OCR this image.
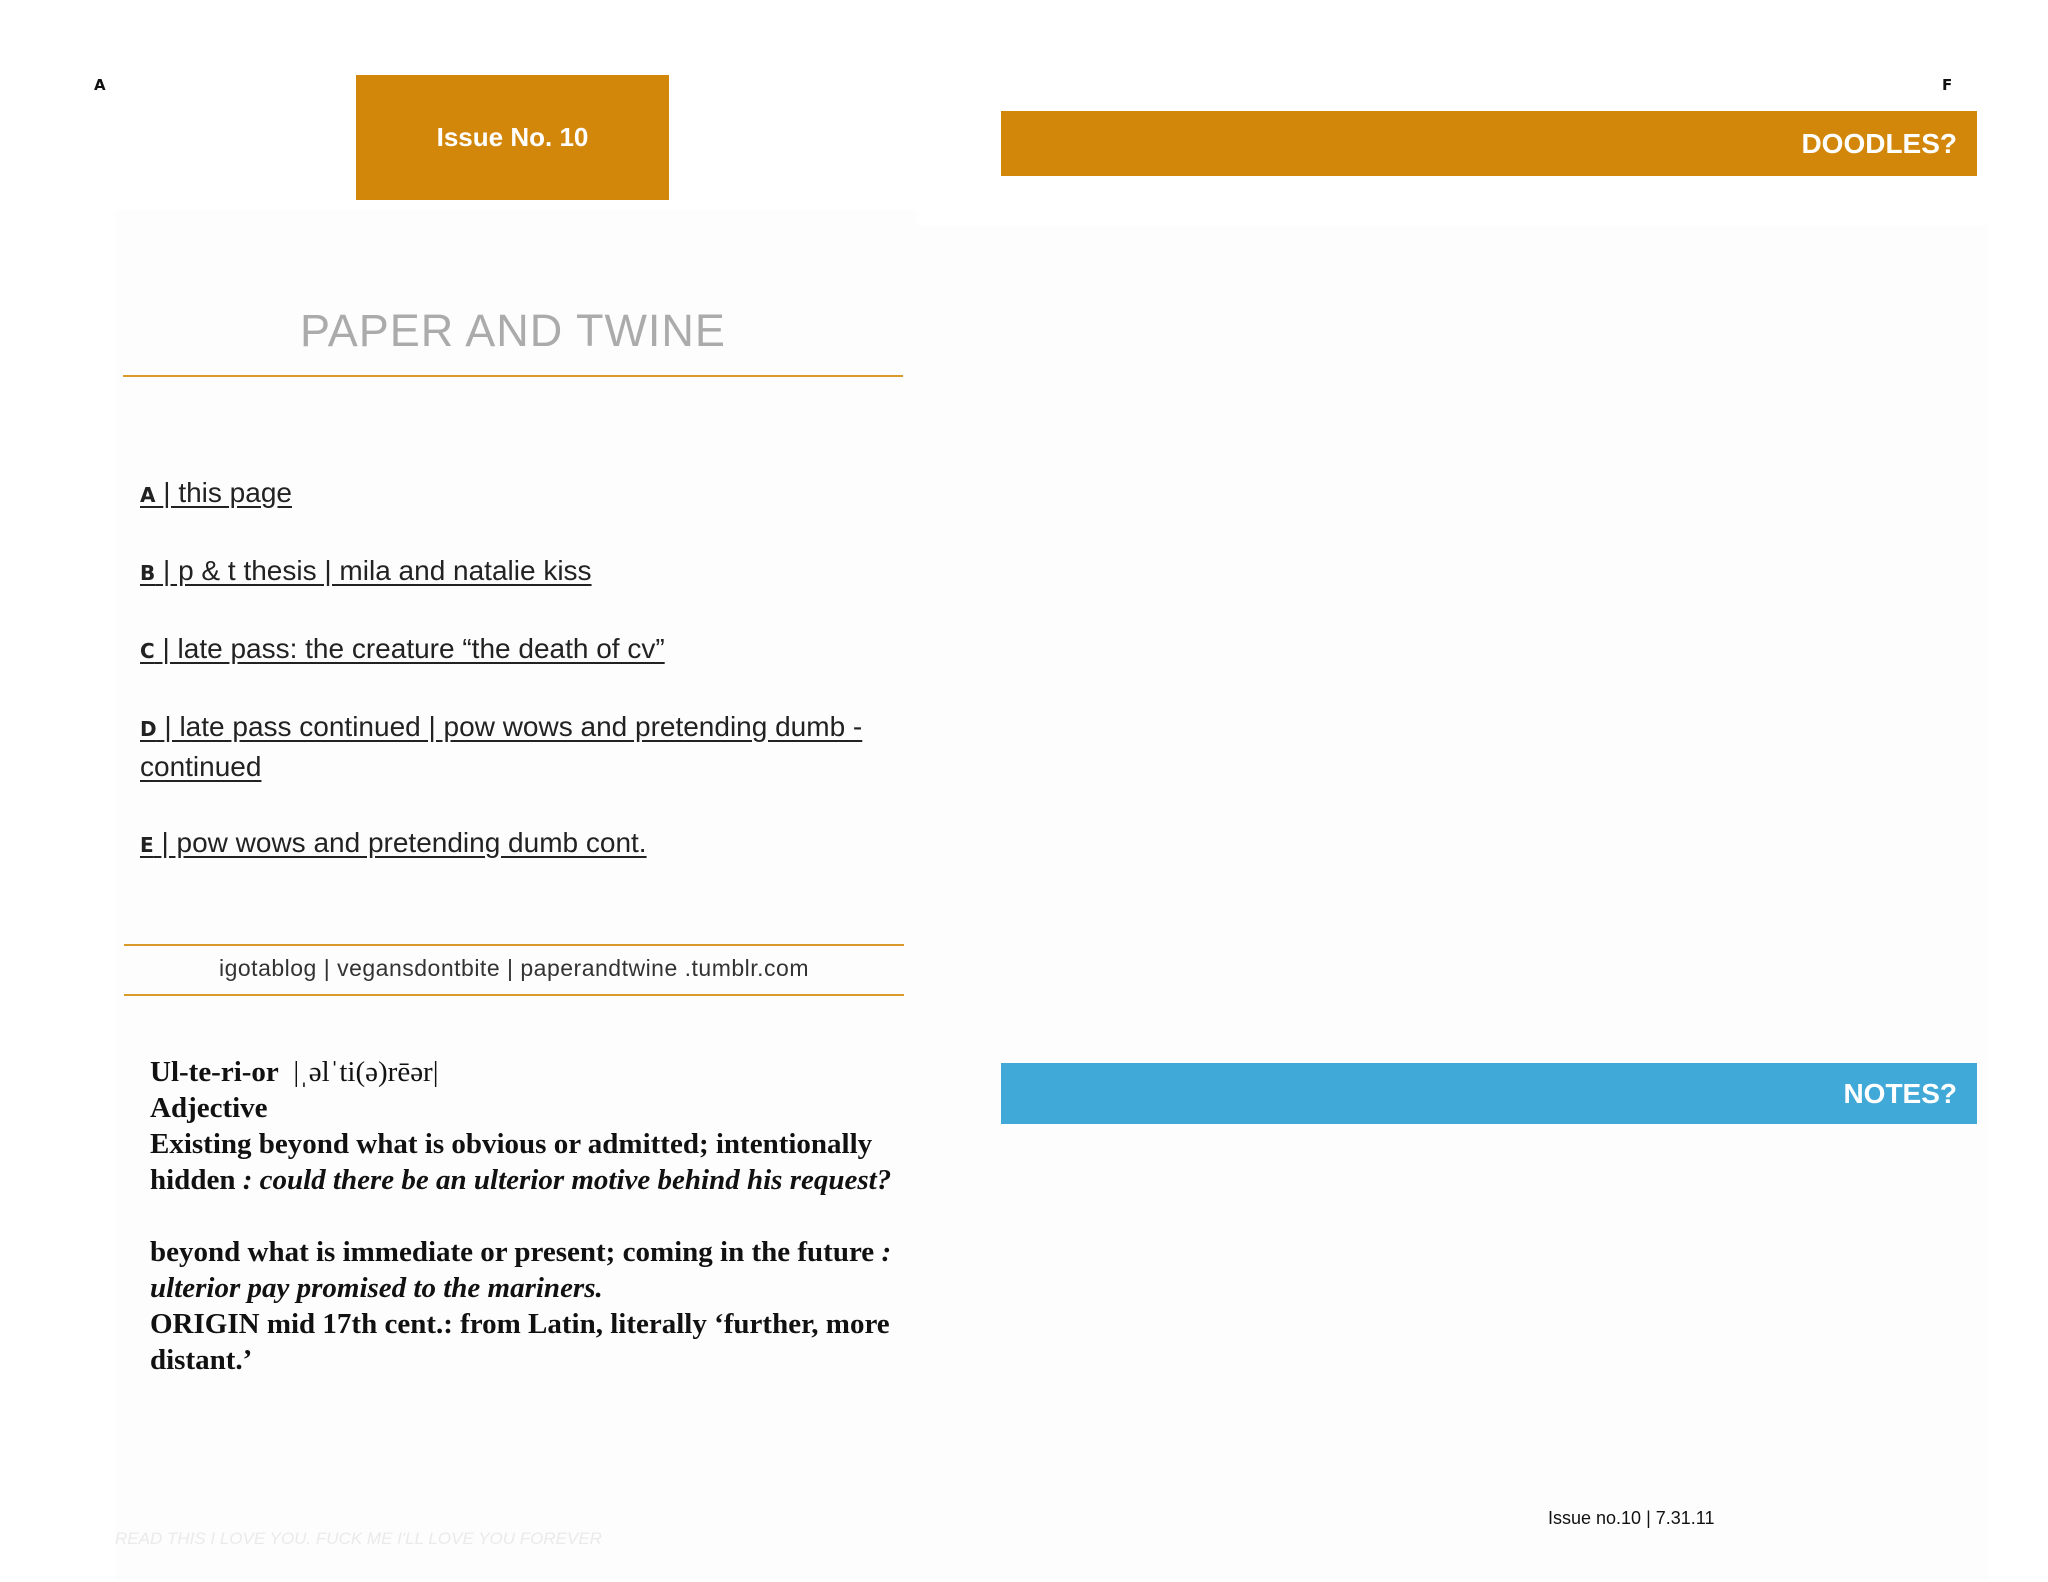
A	F
Issue No. 10	DOODLES?
PAPER AND TWINE
A | this page
B | p & t thesis | mila and natalie kiss
C | late pass: the creature “the death of cv”
D | late pass continued | pow wows and pretending dumb - continued
E | pow wows and pretending dumb cont.
igotablog | vegansdontbite | paperandtwine .tumblr.com

Ul-te-ri-or |ˌəlˈti(ə)rēər|

Adjective

Existing beyond what is obvious or admitted; intentionally hidden : could there be an ulterior motive behind his request?

beyond what is immediate or present; coming in the future : ulterior pay promised to the mariners.

ORIGIN mid 17th cent.: from Latin, literally ‘further, more distant.’

NOTES?
Issue no.10 | 7.31.11
READ THIS I LOVE YOU. FUCK ME I'LL LOVE YOU FOREVER
